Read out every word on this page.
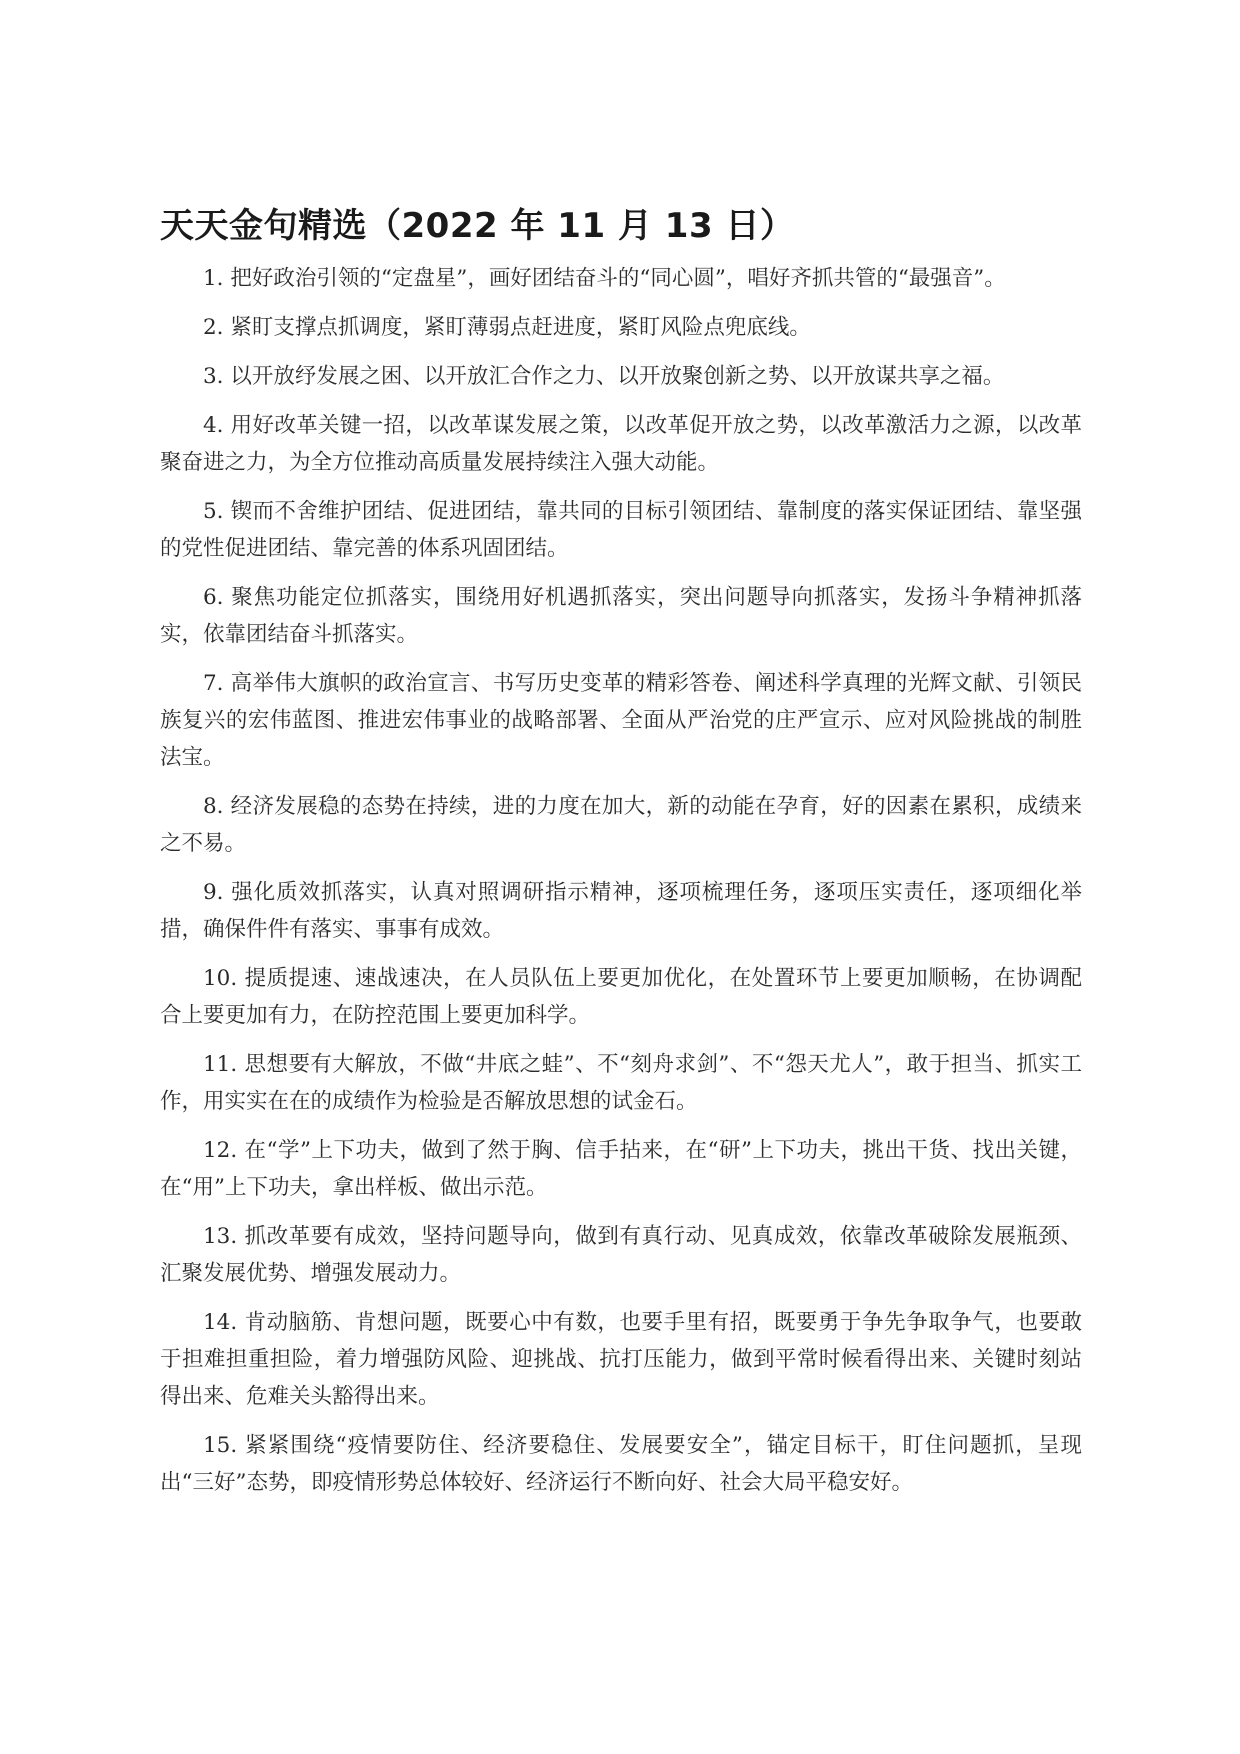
天天金句精选（2022 年 11 月 13 日）

1. 把好政治引领的“定盘星”，画好团结奋斗的“同心圆”，唱好齐抓共管的“最强音”。

2. 紧盯支撑点抓调度，紧盯薄弱点赶进度，紧盯风险点兜底线。

3. 以开放纾发展之困、以开放汇合作之力、以开放聚创新之势、以开放谋共享之福。

4. 用好改革关键一招，以改革谋发展之策，以改革促开放之势，以改革激活力之源，以改革聚奋进之力，为全方位推动高质量发展持续注入强大动能。

5. 锲而不舍维护团结、促进团结，靠共同的目标引领团结、靠制度的落实保证团结、靠坚强的党性促进团结、靠完善的体系巩固团结。

6. 聚焦功能定位抓落实，围绕用好机遇抓落实，突出问题导向抓落实，发扬斗争精神抓落实，依靠团结奋斗抓落实。

7. 高举伟大旗帜的政治宣言、书写历史变革的精彩答卷、阐述科学真理的光辉文献、引领民族复兴的宏伟蓝图、推进宏伟事业的战略部署、全面从严治党的庄严宣示、应对风险挑战的制胜法宝。

8. 经济发展稳的态势在持续，进的力度在加大，新的动能在孕育，好的因素在累积，成绩来之不易。

9. 强化质效抓落实，认真对照调研指示精神，逐项梳理任务，逐项压实责任，逐项细化举措，确保件件有落实、事事有成效。

10. 提质提速、速战速决，在人员队伍上要更加优化，在处置环节上要更加顺畅，在协调配合上要更加有力，在防控范围上要更加科学。

11. 思想要有大解放，不做“井底之蛙”、不“刻舟求剑”、不“怨天尤人”，敢于担当、抓实工作，用实实在在的成绩作为检验是否解放思想的试金石。

12. 在“学”上下功夫，做到了然于胸、信手拈来，在“研”上下功夫，挑出干货、找出关键，在“用”上下功夫，拿出样板、做出示范。

13. 抓改革要有成效，坚持问题导向，做到有真行动、见真成效，依靠改革破除发展瓶颈、汇聚发展优势、增强发展动力。

14. 肯动脑筋、肯想问题，既要心中有数，也要手里有招，既要勇于争先争取争气，也要敢于担难担重担险，着力增强防风险、迎挑战、抗打压能力，做到平常时候看得出来、关键时刻站得出来、危难关头豁得出来。

15. 紧紧围绕“疫情要防住、经济要稳住、发展要安全”，锚定目标干，盯住问题抓，呈现出“三好”态势，即疫情形势总体较好、经济运行不断向好、社会大局平稳安好。
